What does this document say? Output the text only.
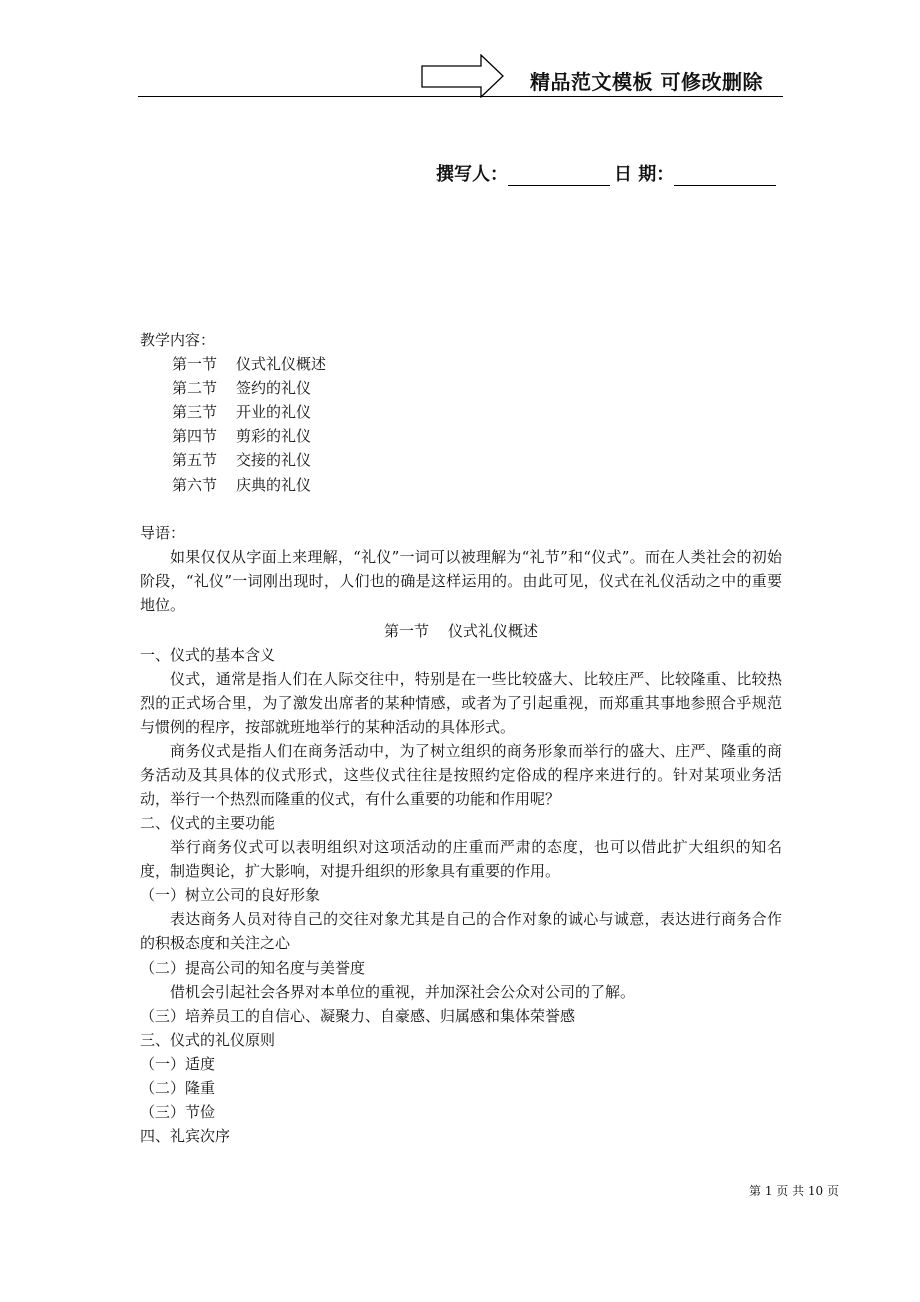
精品范文模板 可修改删除
撰写人：	日 期：
教学内容：
第一节 仪式礼仪概述
第二节 签约的礼仪
第三节 开业的礼仪
第四节 剪彩的礼仪
第五节 交接的礼仪
第六节 庆典的礼仪
导语：
如果仅仅从字面上来理解，“礼仪”一词可以被理解为“礼节”和“仪式”。而在人类社会的初始阶段，“礼仪”一词刚出现时，人们也的确是这样运用的。由此可见，仪式在礼仪活动之中的重要地位。
第一节    仪式礼仪概述
一、仪式的基本含义
仪式，通常是指人们在人际交往中，特别是在一些比较盛大、比较庄严、比较隆重、比较热烈的正式场合里，为了激发出席者的某种情感，或者为了引起重视，而郑重其事地参照合乎规范与惯例的程序，按部就班地举行的某种活动的具体形式。
商务仪式是指人们在商务活动中，为了树立组织的商务形象而举行的盛大、庄严、隆重的商务活动及其具体的仪式形式，这些仪式往往是按照约定俗成的程序来进行的。针对某项业务活动，举行一个热烈而隆重的仪式，有什么重要的功能和作用呢？
二、仪式的主要功能
举行商务仪式可以表明组织对这项活动的庄重而严肃的态度，也可以借此扩大组织的知名度，制造舆论，扩大影响，对提升组织的形象具有重要的作用。
（一）树立公司的良好形象
表达商务人员对待自己的交往对象尤其是自己的合作对象的诚心与诚意，表达进行商务合作的积极态度和关注之心
（二）提高公司的知名度与美誉度
借机会引起社会各界对本单位的重视，并加深社会公众对公司的了解。
（三）培养员工的自信心、凝聚力、自豪感、归属感和集体荣誉感
三、仪式的礼仪原则
（一）适度
（二）隆重
（三）节俭
四、礼宾次序
第 1 页 共 10 页
